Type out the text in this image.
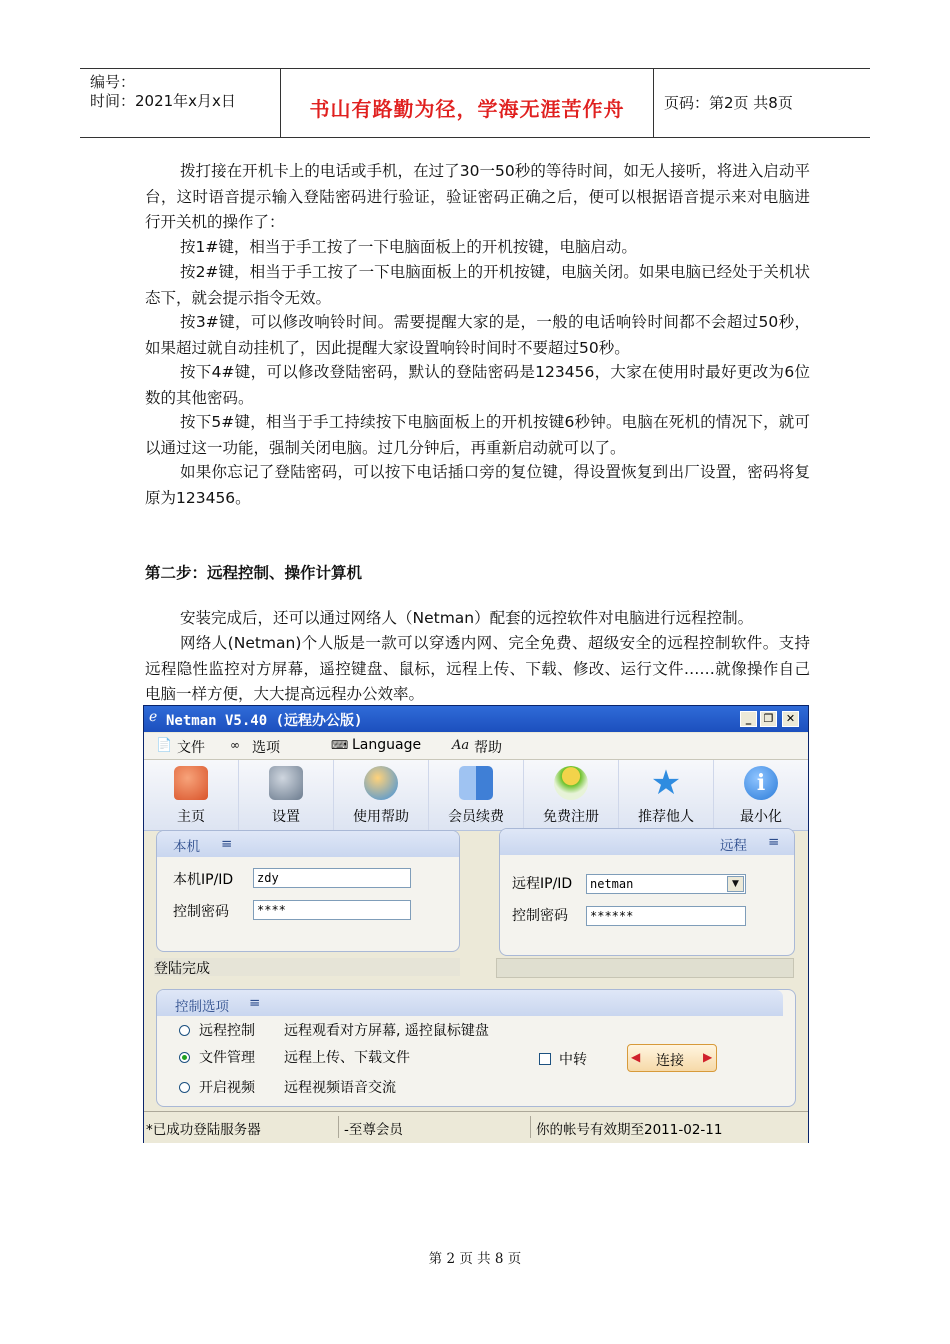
编号：
时间：2021年x月x日	书山有路勤为径，学海无涯苦作舟	页码：第2页 共8页

拨打接在开机卡上的电话或手机，在过了30一50秒的等待时间，如无人接听，将进入启动平台，这时语音提示输入登陆密码进行验证，验证密码正确之后，便可以根据语音提示来对电脑进行开关机的操作了：

按1#键，相当于手工按了一下电脑面板上的开机按键，电脑启动。

按2#键，相当于手工按了一下电脑面板上的开机按键，电脑关闭。如果电脑已经处于关机状态下，就会提示指令无效。

按3#键，可以修改响铃时间。需要提醒大家的是，一般的电话响铃时间都不会超过50秒，如果超过就自动挂机了，因此提醒大家设置响铃时间时不要超过50秒。

按下4#键，可以修改登陆密码，默认的登陆密码是123456，大家在使用时最好更改为6位数的其他密码。

按下5#键，相当于手工持续按下电脑面板上的开机按键6秒钟。电脑在死机的情况下，就可以通过这一功能，强制关闭电脑。过几分钟后，再重新启动就可以了。

如果你忘记了登陆密码，可以按下电话插口旁的复位键，得设置恢复到出厂设置，密码将复原为123456。

第二步：远程控制、操作计算机

安装完成后，还可以通过网络人（Netman）配套的远控软件对电脑进行远程控制。

网络人(Netman)个人版是一款可以穿透内网、完全免费、超级安全的远程控制软件。支持远程隐性监控对方屏幕，遥控键盘、鼠标，远程上传、下载、修改、运行文件……就像操作自己电脑一样方便，大大提高远程办公效率。

ℯ Netman V5.40 (远程办公版)	_	❐	✕
📄 文件 ∞ 选项	⌨ Language Aa 帮助
主页	设置	使用帮助	会员续费	免费注册
★
推荐他人
i
最小化
本机 ≡
本机IP/ID	zdy
控制密码	****
远程 ≡
远程IP/ID	netman	▼
控制密码	******
登陆完成
控制选项 ≡
远程控制 远程观看对方屏幕, 遥控鼠标键盘
文件管理 远程上传、下载文件
开启视频 远程视频语音交流
中转	◀ 连接 ▶
*已成功登陆服务器	-至尊会员	你的帐号有效期至2011-02-11
第 2 页 共 8 页
